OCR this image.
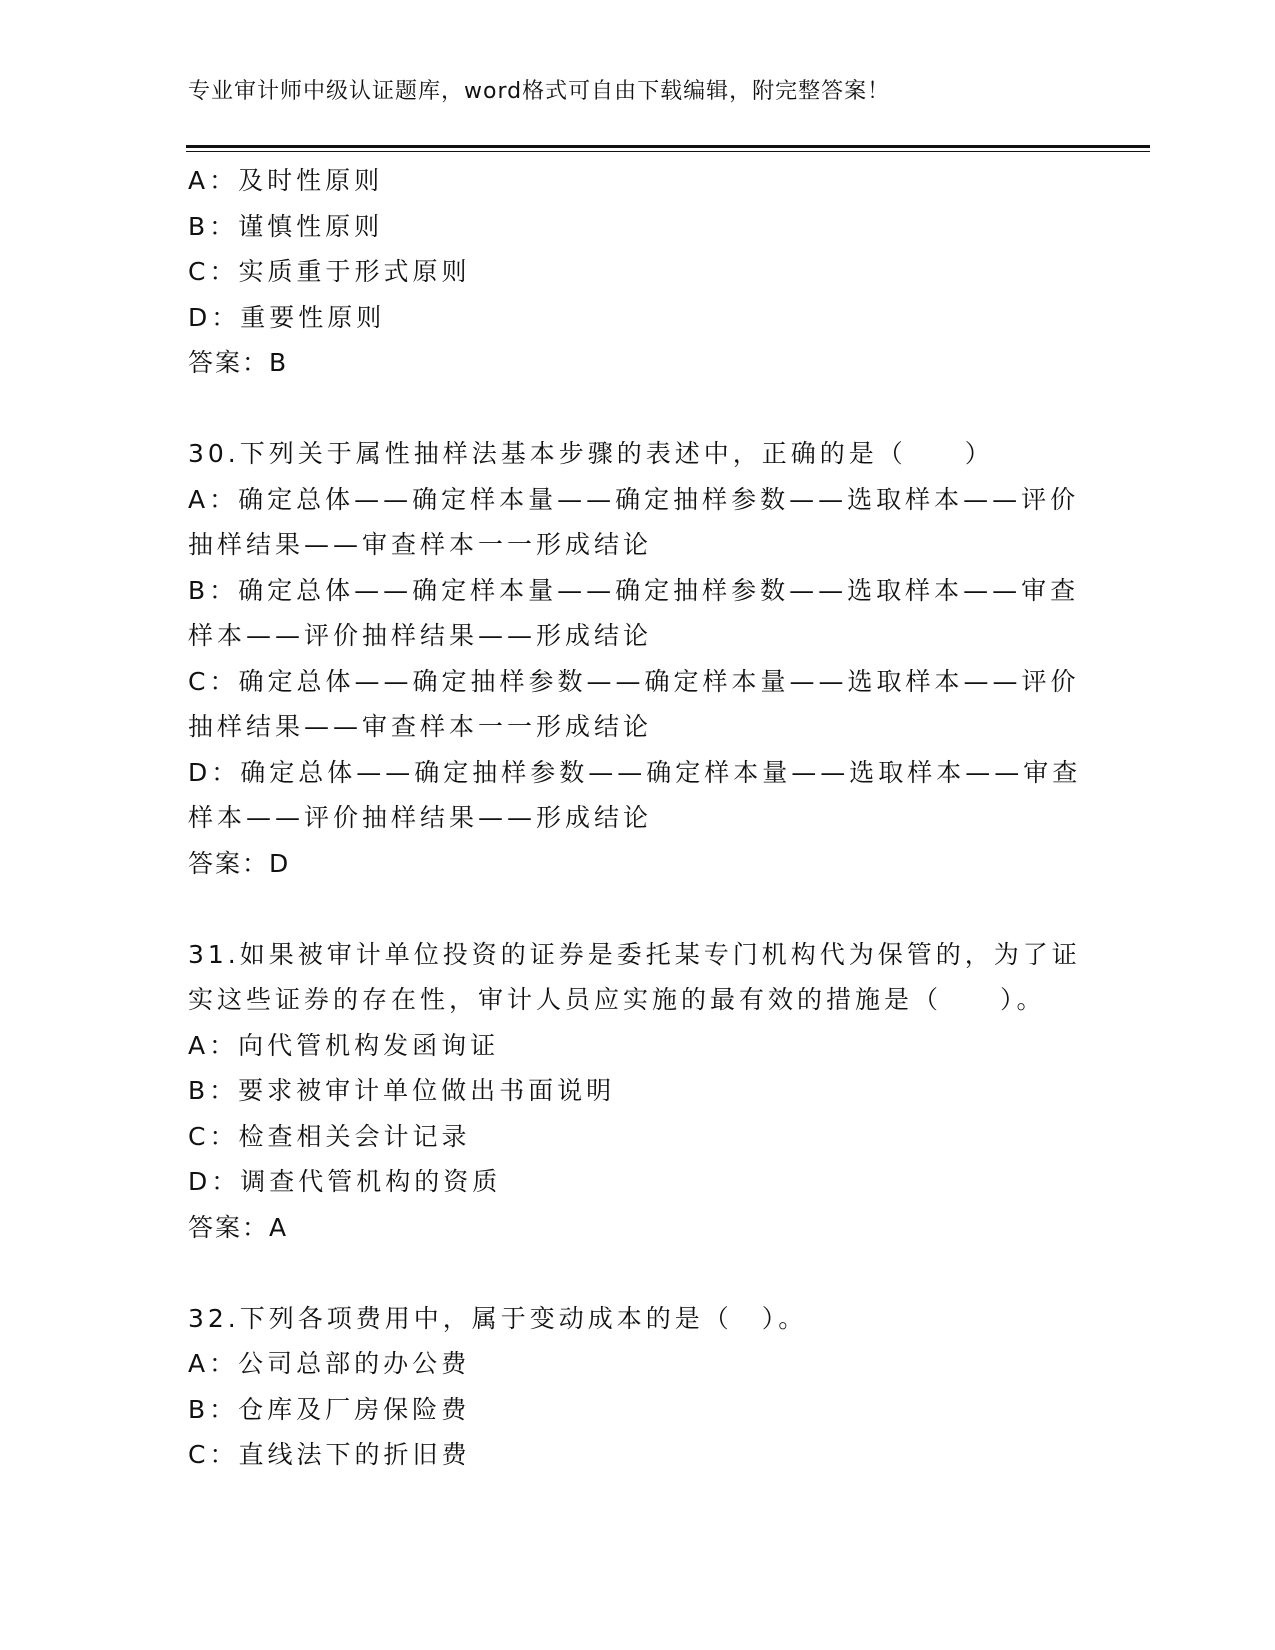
专业审计师中级认证题库，word格式可自由下载编辑，附完整答案！
A：及时性原则
B：谨慎性原则
C：实质重于形式原则
D：重要性原则
答案：B
30.下列关于属性抽样法基本步骤的表述中，正确的是（　　）
A：确定总体——确定样本量——确定抽样参数——选取样本——评价
抽样结果——审查样本一一形成结论
B：确定总体——确定样本量——确定抽样参数——选取样本——审查
样本——评价抽样结果——形成结论
C：确定总体——确定抽样参数——确定样本量——选取样本——评价
抽样结果——审查样本一一形成结论
D：确定总体——确定抽样参数——确定样本量——选取样本——审查
样本——评价抽样结果——形成结论
答案：D
31.如果被审计单位投资的证券是委托某专门机构代为保管的，为了证
实这些证券的存在性，审计人员应实施的最有效的措施是（　　）。
A：向代管机构发函询证
B：要求被审计单位做出书面说明
C：检查相关会计记录
D：调查代管机构的资质
答案：A
32.下列各项费用中，属于变动成本的是（　）。
A：公司总部的办公费
B：仓库及厂房保险费
C：直线法下的折旧费
